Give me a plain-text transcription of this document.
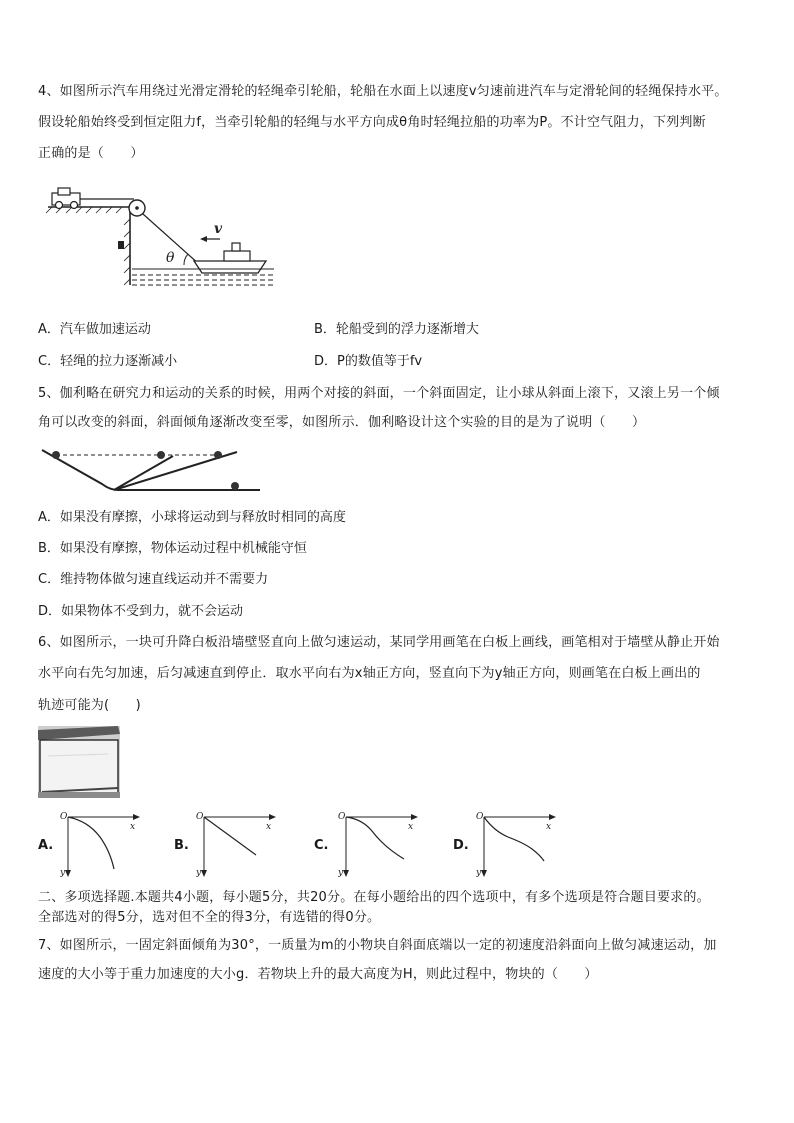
4、如图所示汽车用绕过光滑定滑轮的轻绳牵引轮船，轮船在水面上以速度v匀速前进汽车与定滑轮间的轻绳保持水平。
假设轮船始终受到恒定阻力f，当牵引轮船的轻绳与水平方向成θ角时轻绳拉船的功率为P。不计空气阻力，下列判断
正确的是（　　）
θ
v
A．汽车做加速运动	B．轮船受到的浮力逐渐增大
C．轻绳的拉力逐渐减小	D．P的数值等于fv
5、伽利略在研究力和运动的关系的时候，用两个对接的斜面，一个斜面固定，让小球从斜面上滚下，又滚上另一个倾
角可以改变的斜面，斜面倾角逐渐改变至零，如图所示．伽利略设计这个实验的目的是为了说明（　　）
A．如果没有摩擦，小球将运动到与释放时相同的高度
B．如果没有摩擦，物体运动过程中机械能守恒
C．维持物体做匀速直线运动并不需要力
D．如果物体不受到力，就不会运动
6、如图所示，一块可升降白板沿墙壁竖直向上做匀速运动，某同学用画笔在白板上画线，画笔相对于墙壁从静止开始
水平向右先匀加速，后匀减速直到停止．取水平向右为x轴正方向，竖直向下为y轴正方向，则画笔在白板上画出的
轨迹可能为(　　)
A.
O
x
y
B.
O
x
y
C.
O
x
y
D.
O
x
y
二、多项选择题.本题共4小题，每小题5分，共20分。在每小题给出的四个选项中，有多个选项是符合题目要求的。
全部选对的得5分，选对但不全的得3分，有选错的得0分。
7、如图所示，一固定斜面倾角为30°，一质量为m的小物块自斜面底端以一定的初速度沿斜面向上做匀减速运动，加
速度的大小等于重力加速度的大小g．若物块上升的最大高度为H，则此过程中，物块的（　　）
